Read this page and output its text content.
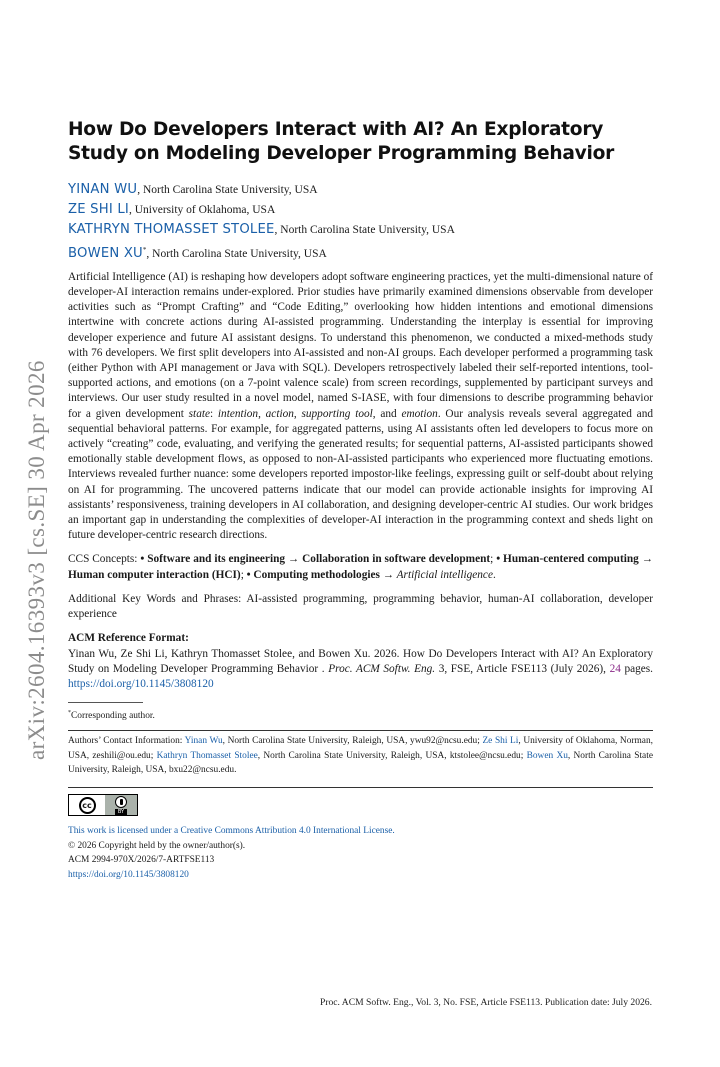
arXiv:2604.16393v3 [cs.SE] 30 Apr 2026
How Do Developers Interact with AI? An Exploratory Study on Modeling Developer Programming Behavior
YINAN WU, North Carolina State University, USA
ZE SHI LI, University of Oklahoma, USA
KATHRYN THOMASSET STOLEE, North Carolina State University, USA
BOWEN XU*, North Carolina State University, USA

Artificial Intelligence (AI) is reshaping how developers adopt software engineering practices, yet the multi-dimensional nature of developer-AI interaction remains under-explored. Prior studies have primarily examined dimensions observable from developer activities such as “Prompt Crafting” and “Code Editing,” overlooking how hidden intentions and emotional dimensions intertwine with concrete actions during AI-assisted programming. Understanding the interplay is essential for improving developer experience and future AI assistant designs. To understand this phenomenon, we conducted a mixed-methods study with 76 developers. We first split developers into AI-assisted and non-AI groups. Each developer performed a programming task (either Python with API management or Java with SQL). Developers retrospectively labeled their self-reported intentions, tool-supported actions, and emotions (on a 7-point valence scale) from screen recordings, supplemented by participant surveys and interviews. Our user study resulted in a novel model, named S-IASE, with four dimensions to describe programming behavior for a given development state: intention, action, supporting tool, and emotion. Our analysis reveals several aggregated and sequential behavioral patterns. For example, for aggregated patterns, using AI assistants often led developers to focus more on actively “creating” code, evaluating, and verifying the generated results; for sequential patterns, AI-assisted participants showed emotionally stable development flows, as opposed to non-AI-assisted participants who experienced more fluctuating emotions. Interviews revealed further nuance: some developers reported impostor-like feelings, expressing guilt or self-doubt about relying on AI for programming. The uncovered patterns indicate that our model can provide actionable insights for improving AI assistants’ responsiveness, training developers in AI collaboration, and designing developer-centric AI studies. Our work bridges an important gap in understanding the complexities of developer-AI interaction in the programming context and sheds light on future developer-centric research directions.

CCS Concepts: • Software and its engineering → Collaboration in software development; • Human-centered computing → Human computer interaction (HCI); • Computing methodologies → Artificial intelligence.

Additional Key Words and Phrases: AI-assisted programming, programming behavior, human-AI collaboration, developer experience

ACM Reference Format:
Yinan Wu, Ze Shi Li, Kathryn Thomasset Stolee, and Bowen Xu. 2026. How Do Developers Interact with AI? An Exploratory Study on Modeling Developer Programming Behavior . Proc. ACM Softw. Eng. 3, FSE, Article FSE113 (July 2026), 24 pages. https://doi.org/10.1145/3808120

*Corresponding author.

Authors’ Contact Information: Yinan Wu, North Carolina State University, Raleigh, USA, ywu92@ncsu.edu; Ze Shi Li, University of Oklahoma, Norman, USA, zeshili@ou.edu; Kathryn Thomasset Stolee, North Carolina State University, Raleigh, USA, ktstolee@ncsu.edu; Bowen Xu, North Carolina State University, Raleigh, USA, bxu22@ncsu.edu.

cc
BY
This work is licensed under a Creative Commons Attribution 4.0 International License.
© 2026 Copyright held by the owner/author(s).
ACM 2994-970X/2026/7-ARTFSE113
https://doi.org/10.1145/3808120
Proc. ACM Softw. Eng., Vol. 3, No. FSE, Article FSE113. Publication date: July 2026.
